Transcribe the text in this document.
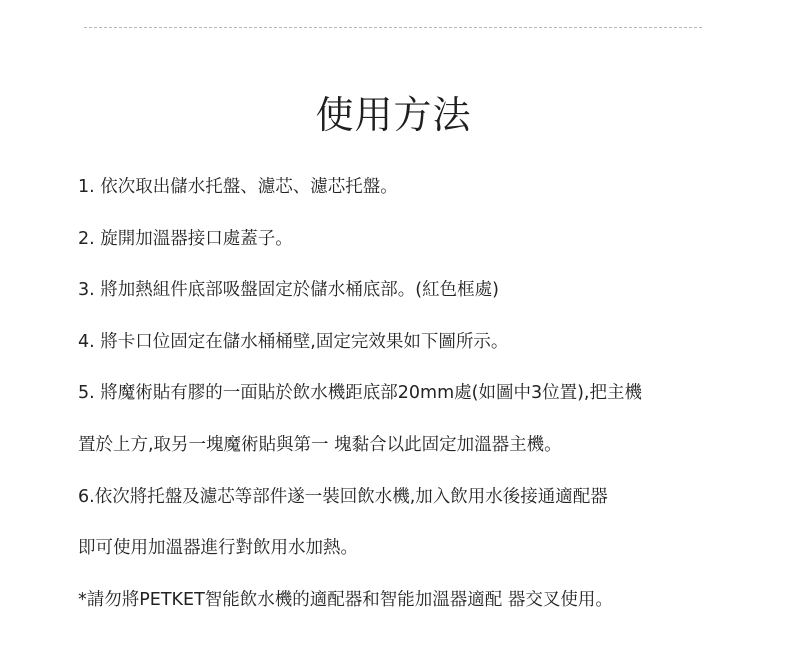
使用方法
1. 依次取出儲水托盤、濾芯、濾芯托盤。
2. 旋開加溫器接口處蓋子。
3. 將加熱組件底部吸盤固定於儲水桶底部。(紅色框處)
4. 將卡口位固定在儲水桶桶壁,固定完效果如下圖所示。
5. 將魔術貼有膠的一面貼於飲水機距底部20mm處(如圖中3位置),把主機
置於上方,取另一塊魔術貼與第一 塊黏合以此固定加溫器主機。
6.依次將托盤及濾芯等部件遂一裝回飲水機,加入飲用水後接通適配器
即可使用加溫器進行對飲用水加熱。
*請勿將PETKET智能飲水機的適配器和智能加溫器適配 器交叉使用。
